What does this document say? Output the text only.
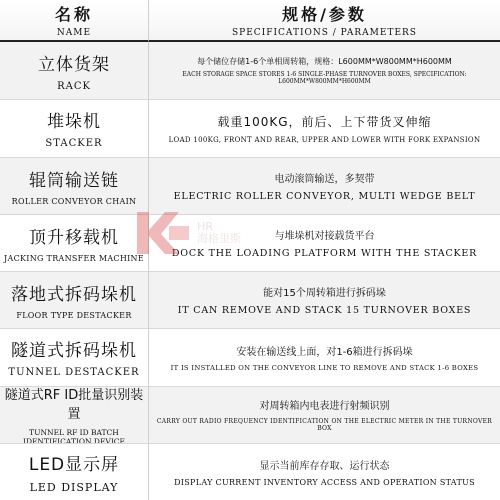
名称
NAME
规格/参数
SPECIFICATIONS / PARAMETERS
立体货架
RACK
每个储位存储1-6个单相周转箱，规格：L600MM*W800MM*H600MM
EACH STORAGE SPACE STORES 1-6 SINGLE-PHASE TURNOVER BOXES, SPECIFICATION: L600MM*W800MM*H600MM
堆垛机
STACKER
载重100KG，前后、上下带货叉伸缩
LOAD 100KG, FRONT AND REAR, UPPER AND LOWER WITH FORK EXPANSION
辊筒输送链
ROLLER CONVEYOR CHAIN
电动滚筒输送，多契带
ELECTRIC ROLLER CONVEYOR, MULTI WEDGE BELT
顶升移载机
JACKING TRANSFER MACHINE
与堆垛机对接载货平台
DOCK THE LOADING PLATFORM WITH THE STACKER
落地式拆码垛机
FLOOR TYPE DESTACKER
能对15个周转箱进行拆码垛
IT CAN REMOVE AND STACK 15 TURNOVER BOXES
隧道式拆码垛机
TUNNEL DESTACKER
安装在输送线上面，对1-6箱进行拆码垛
IT IS INSTALLED ON THE CONVEYOR LINE TO REMOVE AND STACK 1-6 BOXES
隧道式RF ID批量识别装置
TUNNEL RF ID BATCH IDENTIFICATION DEVICE
对周转箱内电表进行射频识别
CARRY OUT RADIO FREQUENCY IDENTIFICATION ON THE ELECTRIC METER IN THE TURNOVER BOX
LED显示屏
LED DISPLAY
显示当前库存存取、运行状态
DISPLAY CURRENT INVENTORY ACCESS AND OPERATION STATUS
HR
海格里斯
